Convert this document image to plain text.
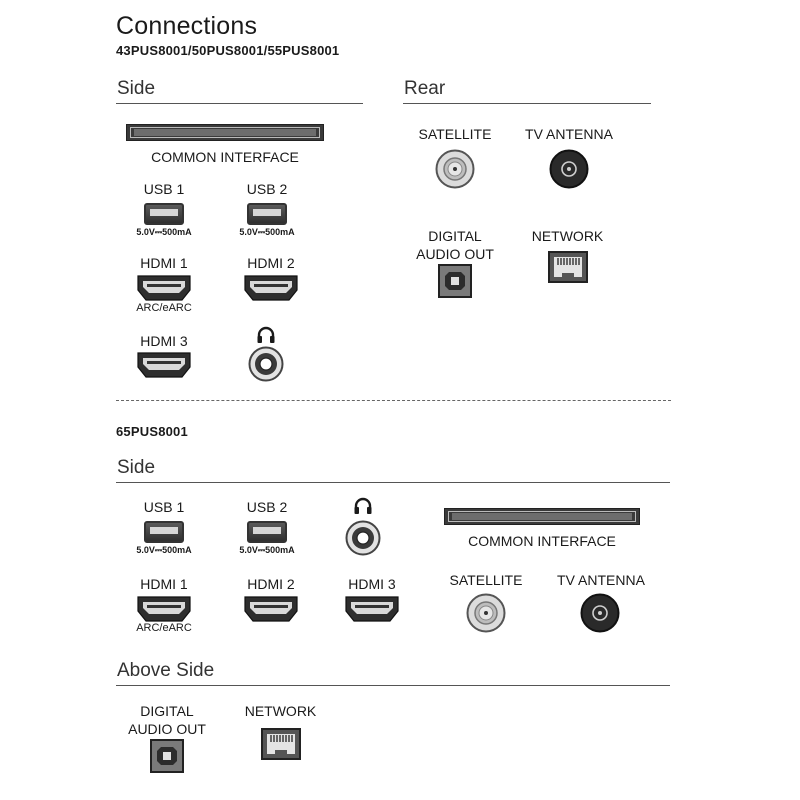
Connections
43PUS8001/50PUS8001/55PUS8001
Side	Rear
COMMON INTERFACE
USB 1
5.0V⎓500mA
USB 2
5.0V⎓500mA
HDMI 1
ARC/eARC
HDMI 2
HDMI 3
SATELLITE	TV ANTENNA
DIGITAL
AUDIO OUT
NETWORK
65PUS8001
Side
USB 1
5.0V⎓500mA
USB 2
5.0V⎓500mA
COMMON INTERFACE
HDMI 1
ARC/eARC
HDMI 2	HDMI 3	SATELLITE	TV ANTENNA
Above Side
DIGITAL
AUDIO OUT
NETWORK
